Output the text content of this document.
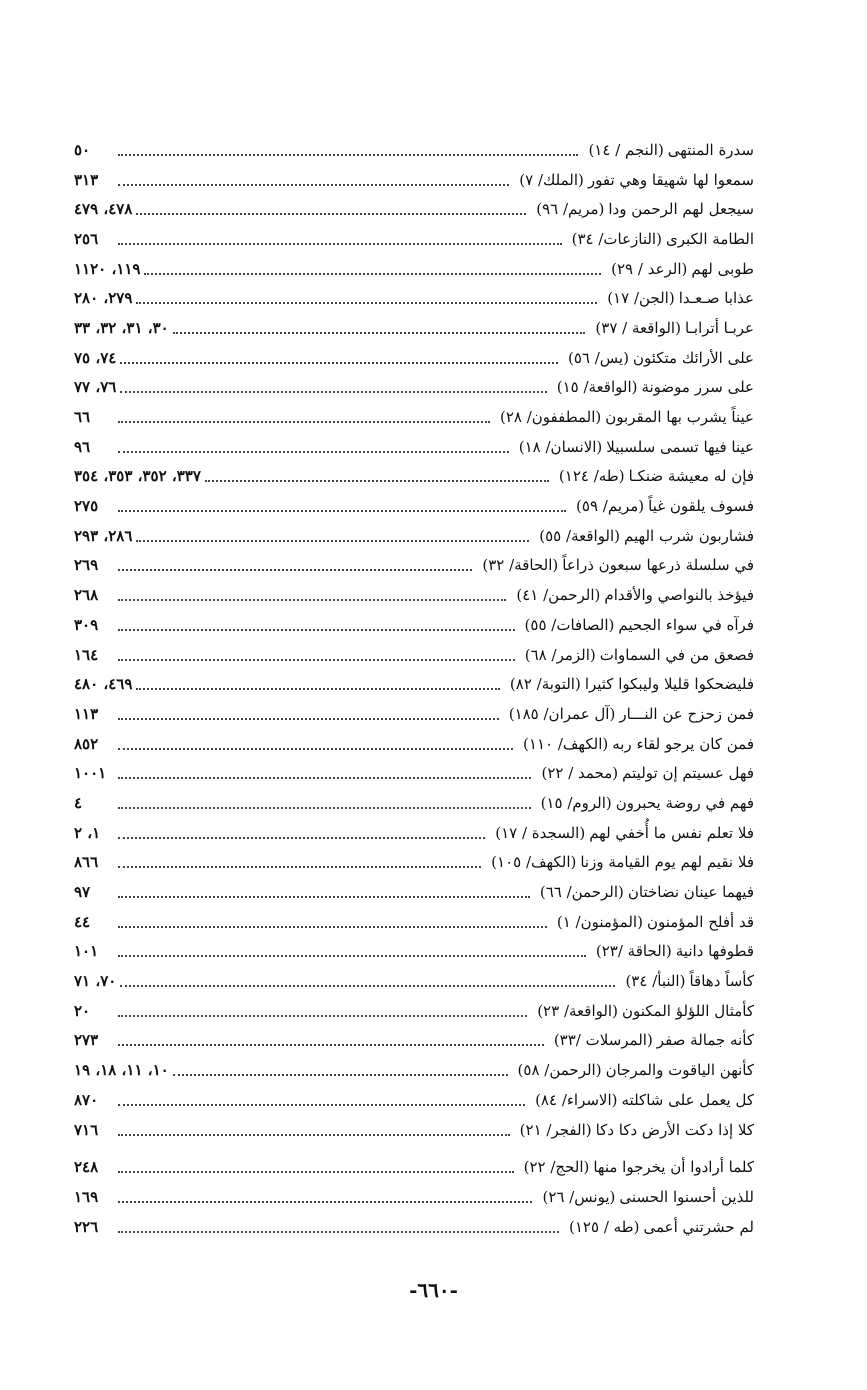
سدرة المنتهى(النجم / ١٤)
٥٠
سمعوا لها شهيقا وهي تفور(الملك/ ٧)
٣١٣
سيجعل لهم الرحمن ودا(مريم/ ٩٦)
٤٧٨، ٤٧٩
الطامة الكبرى(النازعات/ ٣٤)
٢٥٦
طوبى لهم(الرعد / ٢٩)
١١٩، ١١٢٠
عذابا صـعـدا(الجن/ ١٧)
٢٧٩، ٢٨٠
عربـا أترابـا(الواقعة / ٣٧)
٣٠، ٣١، ٣٢، ٣٣
على الأرائك متكئون(يس/ ٥٦)
٧٤، ٧٥
على سرر موضونة(الواقعة/ ١٥)
٧٦، ٧٧
عيناً يشرب بها المقربون(المطففون/ ٢٨)
٦٦
عينا فيها تسمى سلسبيلا(الانسان/ ١٨)
٩٦
فإن له معيشة ضنكـا(طه/ ١٢٤)
٣٣٧، ٣٥٢، ٣٥٣، ٣٥٤
فسوف يلقون غياً(مريم/ ٥٩)
٢٧٥
فشاربون شرب الهيم(الواقعة/ ٥٥)
٢٨٦، ٢٩٣
في سلسلة ذرعها سبعون ذراعاً(الحاقة/ ٣٢)
٢٦٩
فيؤخذ بالنواصي والأقدام(الرحمن/ ٤١)
٢٦٨
فرآه في سواء الجحيم(الصافات/ ٥٥)
٣٠٩
فصعق من في السماوات(الزمر/ ٦٨)
١٦٤
فليضحكوا قليلا وليبكوا كثيرا(التوبة/ ٨٢)
٤٦٩، ٤٨٠
فمن زحزح عن النـــار(آل عمران/ ١٨٥)
١١٣
فمن كان يرجو لقاء ربه(الكهف/ ١١٠)
٨٥٢
فهل عسيتم إن توليتم(محمد / ٢٢)
١٠٠١
فهم في روضة يحبرون(الروم/ ١٥)
٤
فلا تعلم نفس ما أُخفي لهم(السجدة / ١٧)
١، ٢
فلا نقيم لهم يوم القيامة وزنا(الكهف/ ١٠٥)
٨٦٦
فيهما عينان نضاختان(الرحمن/ ٦٦)
٩٧
قد أفلح المؤمنون(المؤمنون/ ١)
٤٤
قطوفها دانية(الحاقة /٢٣)
١٠١
كأساً دهاقاً(النبأ/ ٣٤)
٧٠، ٧١
كأمثال اللؤلؤ المكنون(الواقعة/ ٢٣)
٢٠
كأنه جمالة صفر(المرسلات /٣٣)
٢٧٣
كأنهن الياقوت والمرجان(الرحمن/ ٥٨)
١٠، ١١، ١٨، ١٩
كل يعمل على شاكلته(الاسراء/ ٨٤)
٨٧٠
كلا إذا دكت الأرض دكا دكا(الفجر/ ٢١)
٧١٦
كلما أرادوا أن يخرجوا منها(الحج/ ٢٢)
٢٤٨
للذين أحسنوا الحسنى(يونس/ ٢٦)
١٦٩
لم حشرتني أعمى(طه / ١٢٥)
٢٢٦
-٦٦٠-
